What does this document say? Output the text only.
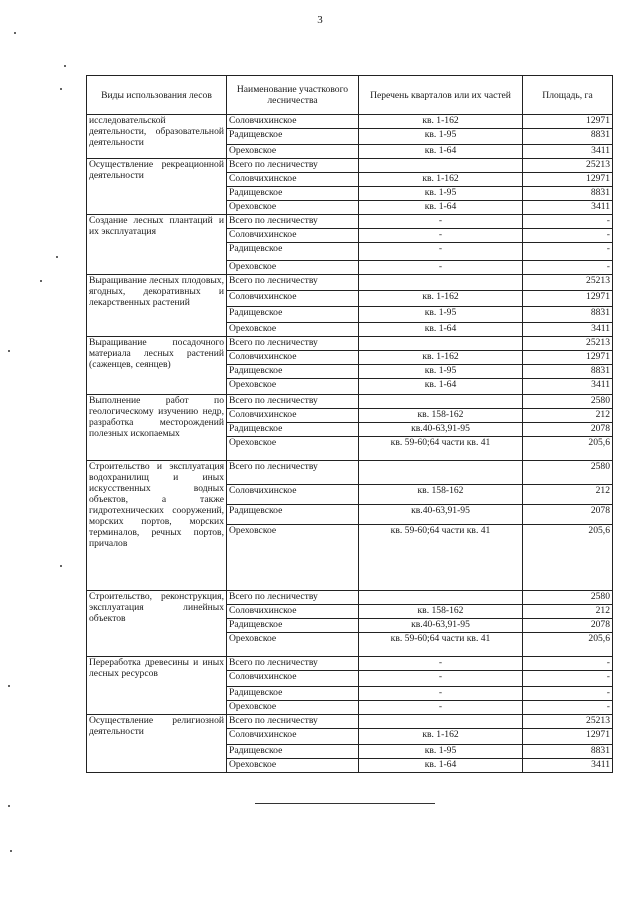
3
Виды использования лесов	Наименование участкового лесничества	Перечень кварталов или их частей	Площадь, га
исследовательской деятельности, образовательной деятельности	Соловчихинское	кв. 1-162	12971
	Радищевское	кв. 1-95	8831
	Ореховское	кв. 1-64	3411
Осуществление рекреационной деятельности	Всего по лесничеству		25213
	Соловчихинское	кв. 1-162	12971
	Радищевское	кв. 1-95	8831
	Ореховское	кв. 1-64	3411
Создание лесных плантаций и их эксплуатация	Всего по лесничеству	-	-
	Соловчихинское	-	-
	Радищевское	-	-
	Ореховское	-	-
Выращивание лесных плодовых, ягодных, декоративных и лекарственных растений	Всего по лесничеству		25213
	Соловчихинское	кв. 1-162	12971
	Радищевское	кв. 1-95	8831
	Ореховское	кв. 1-64	3411
Выращивание посадочного материала лесных растений (саженцев, сеянцев)	Всего по лесничеству		25213
	Соловчихинское	кв. 1-162	12971
	Радищевское	кв. 1-95	8831
	Ореховское	кв. 1-64	3411
Выполнение работ по геологическому изучению недр, разработка месторождений полезных ископаемых	Всего по лесничеству		2580
	Соловчихинское	кв. 158-162	212
	Радищевское	кв.40-63,91-95	2078
	Ореховское	кв. 59-60;64 части кв. 41	205,6
Строительство и эксплуатация водохранилищ и иных искусственных водных объектов, а также гидротехнических сооружений, морских портов, морских терминалов, речных портов, причалов	Всего по лесничеству		2580
	Соловчихинское	кв. 158-162	212
	Радищевское	кв.40-63,91-95	2078
	Ореховское	кв. 59-60;64 части кв. 41	205,6
Строительство, реконструкция, эксплуатация линейных объектов	Всего по лесничеству		2580
	Соловчихинское	кв. 158-162	212
	Радищевское	кв.40-63,91-95	2078
	Ореховское	кв. 59-60;64 части кв. 41	205,6
Переработка древесины и иных лесных ресурсов	Всего по лесничеству	-	-
	Соловчихинское	-	-
	Радищевское	-	-
	Ореховское	-	-
Осуществление религиозной деятельности	Всего по лесничеству		25213
	Соловчихинское	кв. 1-162	12971
	Радищевское	кв. 1-95	8831
	Ореховское	кв. 1-64	3411
